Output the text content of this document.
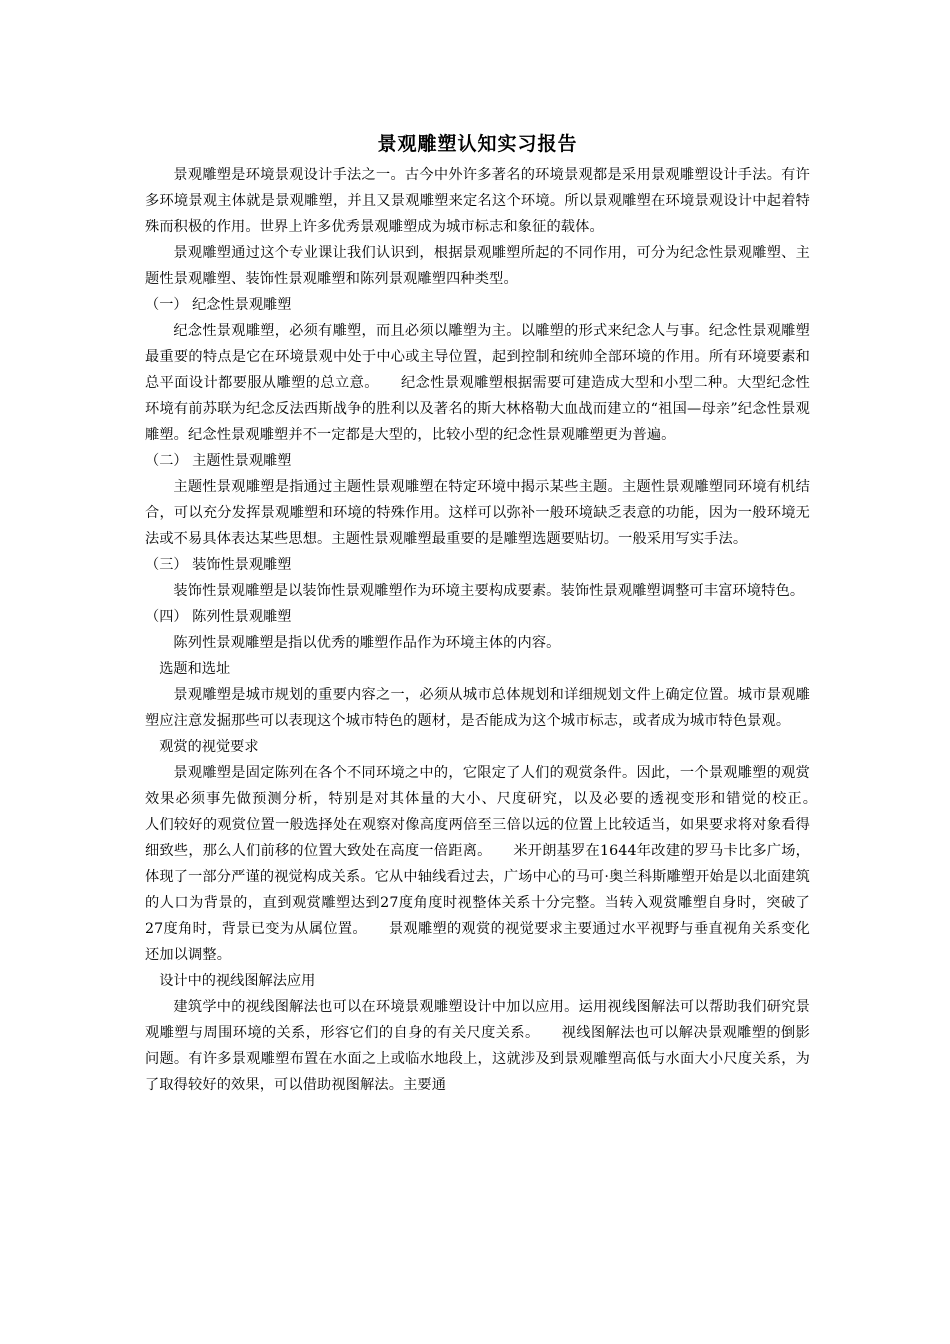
景观雕塑认知实习报告

景观雕塑是环境景观设计手法之一。古今中外许多著名的环境景观都是采用景观雕塑设计手法。有许多环境景观主体就是景观雕塑，并且又景观雕塑来定名这个环境。所以景观雕塑在环境景观设计中起着特殊而积极的作用。世界上许多优秀景观雕塑成为城市标志和象征的载体。

景观雕塑通过这个专业课让我们认识到，根据景观雕塑所起的不同作用，可分为纪念性景观雕塑、主题性景观雕塑、装饰性景观雕塑和陈列景观雕塑四种类型。

（一） 纪念性景观雕塑

纪念性景观雕塑，必须有雕塑，而且必须以雕塑为主。以雕塑的形式来纪念人与事。纪念性景观雕塑最重要的特点是它在环境景观中处于中心或主导位置，起到控制和统帅全部环境的作用。所有环境要素和总平面设计都要服从雕塑的总立意。　　纪念性景观雕塑根据需要可建造成大型和小型二种。大型纪念性环境有前苏联为纪念反法西斯战争的胜利以及著名的斯大林格勒大血战而建立的“祖国—母亲”纪念性景观雕塑。纪念性景观雕塑并不一定都是大型的，比较小型的纪念性景观雕塑更为普遍。

（二） 主题性景观雕塑

主题性景观雕塑是指通过主题性景观雕塑在特定环境中揭示某些主题。主题性景观雕塑同环境有机结合，可以充分发挥景观雕塑和环境的特殊作用。这样可以弥补一般环境缺乏表意的功能，因为一般环境无法或不易具体表达某些思想。主题性景观雕塑最重要的是雕塑选题要贴切。一般采用写实手法。

（三） 装饰性景观雕塑

装饰性景观雕塑是以装饰性景观雕塑作为环境主要构成要素。装饰性景观雕塑调整可丰富环境特色。

（四） 陈列性景观雕塑

陈列性景观雕塑是指以优秀的雕塑作品作为环境主体的内容。

选题和选址

景观雕塑是城市规划的重要内容之一，必须从城市总体规划和详细规划文件上确定位置。城市景观雕塑应注意发掘那些可以表现这个城市特色的题材，是否能成为这个城市标志，或者成为城市特色景观。

观赏的视觉要求

景观雕塑是固定陈列在各个不同环境之中的，它限定了人们的观赏条件。因此，一个景观雕塑的观赏效果必须事先做预测分析，特别是对其体量的大小、尺度研究，以及必要的透视变形和错觉的校正。　　人们较好的观赏位置一般选择处在观察对像高度两倍至三倍以远的位置上比较适当，如果要求将对象看得细致些，那么人们前移的位置大致处在高度一倍距离。　　米开朗基罗在1644年改建的罗马卡比多广场，体现了一部分严谨的视觉构成关系。它从中轴线看过去，广场中心的马可·奥兰科斯雕塑开始是以北面建筑的人口为背景的，直到观赏雕塑达到27度角度时视整体关系十分完整。当转入观赏雕塑自身时，突破了27度角时，背景已变为从属位置。　　景观雕塑的观赏的视觉要求主要通过水平视野与垂直视角关系变化还加以调整。

设计中的视线图解法应用

建筑学中的视线图解法也可以在环境景观雕塑设计中加以应用。运用视线图解法可以帮助我们研究景观雕塑与周围环境的关系，形容它们的自身的有关尺度关系。　　视线图解法也可以解决景观雕塑的倒影问题。有许多景观雕塑布置在水面之上或临水地段上，这就涉及到景观雕塑高低与水面大小尺度关系，为了取得较好的效果，可以借助视图解法。主要通
